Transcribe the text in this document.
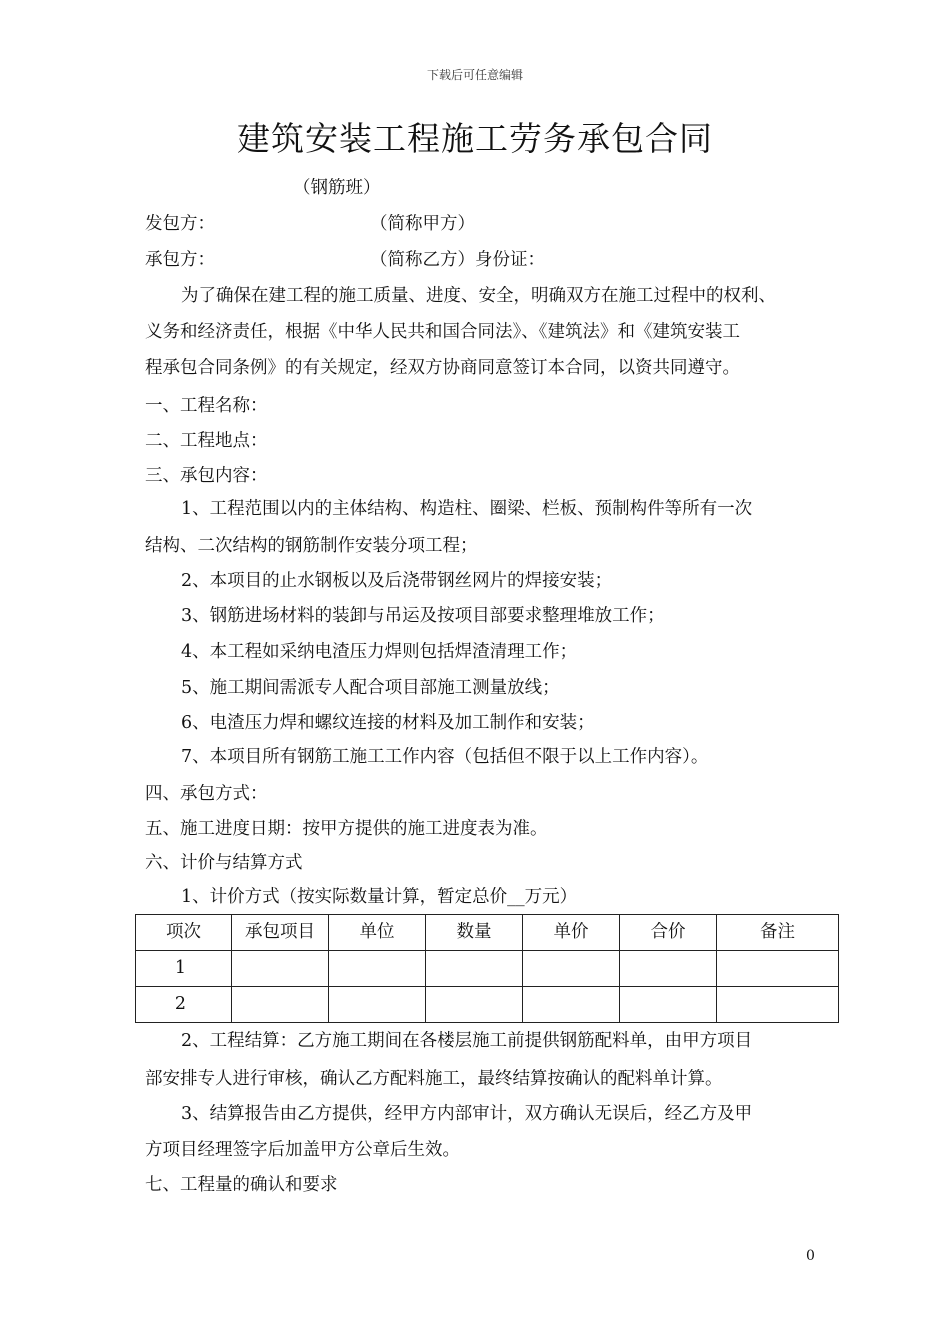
下载后可任意编辑
建筑安装工程施工劳务承包合同
（钢筋班）
发包方：	（简称甲方）
承包方：	（简称乙方）身份证：
为了确保在建工程的施工质量、进度、安全，明确双方在施工过程中的权利、
义务和经济责任，根据《中华人民共和国合同法》、《建筑法》和《建筑安装工
程承包合同条例》的有关规定，经双方协商同意签订本合同，以资共同遵守。
一、工程名称：
二、工程地点：
三、承包内容：
1、工程范围以内的主体结构、构造柱、圈梁、栏板、预制构件等所有一次
结构、二次结构的钢筋制作安装分项工程；
2、本项目的止水钢板以及后浇带钢丝网片的焊接安装；
3、钢筋进场材料的装卸与吊运及按项目部要求整理堆放工作；
4、本工程如采纳电渣压力焊则包括焊渣清理工作；
5、施工期间需派专人配合项目部施工测量放线；
6、电渣压力焊和螺纹连接的材料及加工制作和安装；
7、本项目所有钢筋工施工工作内容（包括但不限于以上工作内容）。
四、承包方式：
五、施工进度日期：按甲方提供的施工进度表为准。
六、计价与结算方式
1、计价方式（按实际数量计算，暂定总价__万元）
项次	承包项目	单位	数量	单价	合价	备注
1						
2						
2、工程结算：乙方施工期间在各楼层施工前提供钢筋配料单，由甲方项目
部安排专人进行审核，确认乙方配料施工，最终结算按确认的配料单计算。
3、结算报告由乙方提供，经甲方内部审计，双方确认无误后，经乙方及甲
方项目经理签字后加盖甲方公章后生效。
七、工程量的确认和要求
0
